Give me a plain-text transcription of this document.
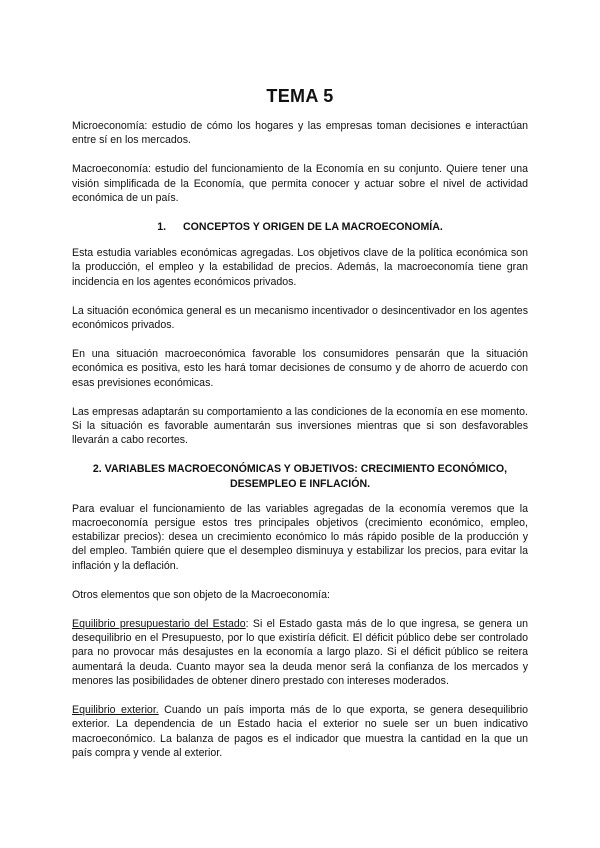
TEMA 5

Microeconomía: estudio de cómo los hogares y las empresas toman decisiones e interactúan entre sí en los mercados.

Macroeconomía: estudio del funcionamiento de la Economía en su conjunto. Quiere tener una visión simplificada de la Economía, que permita conocer y actuar sobre el nivel de actividad económica de un país.

1. CONCEPTOS Y ORIGEN DE LA MACROECONOMÍA.

Esta estudia variables económicas agregadas. Los objetivos clave de la política económica son la producción, el empleo y la estabilidad de precios. Además, la macroeconomía tiene gran incidencia en los agentes económicos privados.

La situación económica general es un mecanismo incentivador o desincentivador en los agentes económicos privados.

En una situación macroeconómica favorable los consumidores pensarán que la situación económica es positiva, esto les hará tomar decisiones de consumo y de ahorro de acuerdo con esas previsiones económicas.

Las empresas adaptarán su comportamiento a las condiciones de la economía en ese momento. Si la situación es favorable aumentarán sus inversiones mientras que si son desfavorables llevarán a cabo recortes.

2. VARIABLES MACROECONÓMICAS Y OBJETIVOS: CRECIMIENTO ECONÓMICO, DESEMPLEO E INFLACIÓN.

Para evaluar el funcionamiento de las variables agregadas de la economía veremos que la macroeconomía persigue estos tres principales objetivos (crecimiento económico, empleo, estabilizar precios): desea un crecimiento económico lo más rápido posible de la producción y del empleo. También quiere que el desempleo disminuya y estabilizar los precios, para evitar la inflación y la deflación.

Otros elementos que son objeto de la Macroeconomía:

Equilibrio presupuestario del Estado: Si el Estado gasta más de lo que ingresa, se genera un desequilibrio en el Presupuesto, por lo que existiría déficit. El déficit público debe ser controlado para no provocar más desajustes en la economía a largo plazo. Si el déficit público se reitera aumentará la deuda. Cuanto mayor sea la deuda menor será la confianza de los mercados y menores las posibilidades de obtener dinero prestado con intereses moderados.

Equilibrio exterior. Cuando un país importa más de lo que exporta, se genera desequilibrio exterior. La dependencia de un Estado hacia el exterior no suele ser un buen indicativo macroeconómico. La balanza de pagos es el indicador que muestra la cantidad en la que un país compra y vende al exterior.
